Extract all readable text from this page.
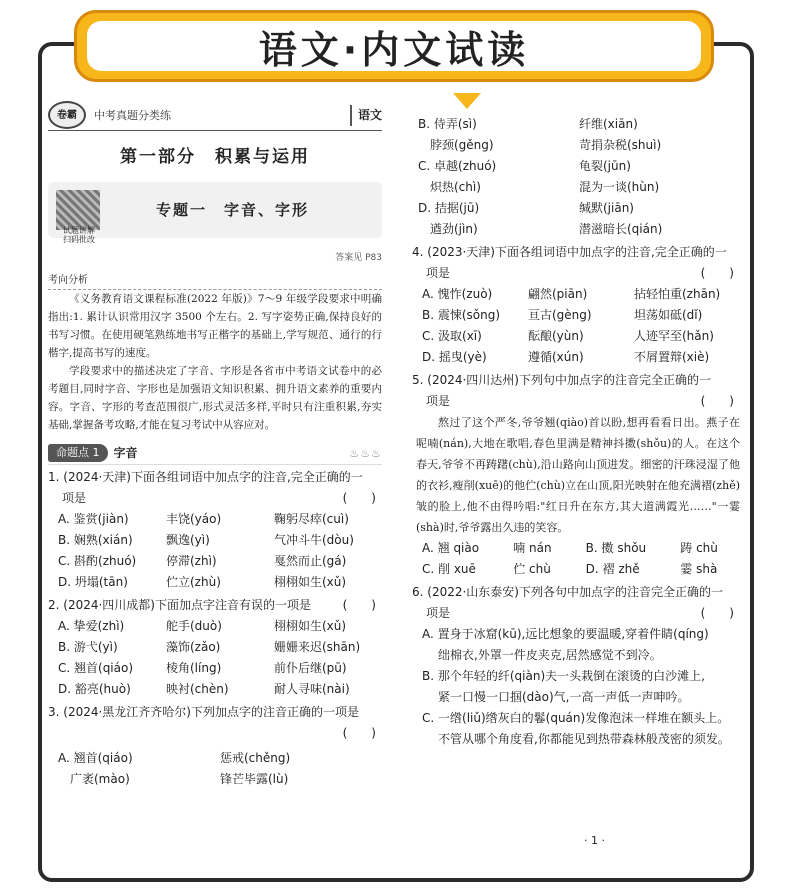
语文·内文试读
卷霸	中考真题分类练	语文
第一部分　积累与运用
试题讲解
扫码批改
专题一　字音、字形
答案见 P83
考向分析
《义务教育语文课程标准(2022 年版)》7～9 年级学段要求中明确指出:1. 累计认识常用汉字 3500 个左右。2. 写字姿势正确,保持良好的书写习惯。在使用硬笔熟练地书写正楷字的基础上,学写规范、通行的行楷字,提高书写的速度。
学段要求中的描述决定了字音、字形是各省市中考语文试卷中的必考题目,同时字音、字形也是加强语文知识积累、拥升语文素养的重要内容。字音、字形的考查范围很广,形式灵活多样,平时只有注重积累,夯实基础,掌握备考攻略,才能在复习考试中从容应对。
命题点 1	字音	♨♨♨
1. (2024·天津)下面各组词语中加点字的注音,完全正确的一
项是	(　　)
A. 鉴赏(jiàn)	丰饶(yáo)	鞠躬尽瘁(cuì)
B. 娴熟(xián)	飘逸(yì)	气冲斗牛(dòu)
C. 斟酌(zhuó)	停滞(zhì)	戛然而止(gá)
D. 坍塌(tān)	伫立(zhù)	栩栩如生(xǔ)
2. (2024·四川成都)下面加点字注音有误的一项是	(　　)
A. 挚爱(zhì)	舵手(duò)	栩栩如生(xǔ)
B. 游弋(yì)	藻饰(zǎo)	姗姗来迟(shān)
C. 翘首(qiáo)	棱角(líng)	前仆后继(pū)
D. 豁亮(huò)	映衬(chèn)	耐人寻味(nài)
3. (2024·黑龙江齐齐哈尔)下列加点字的注音正确的一项是
(　　)
A. 翘首(qiáo)	惩戒(chěng)
　广袤(mào)	锋芒毕露(lù)
B. 侍弄(sì)	纤维(xiān)
　脖颈(gěng)	苛捐杂税(shuì)
C. 卓越(zhuó)	龟裂(jūn)
　炽热(chì)	混为一谈(hùn)
D. 拮据(jū)	缄默(jiān)
　遒劲(jìn)	潜滋暗长(qián)
4. (2023·天津)下面各组词语中加点字的注音,完全正确的一
项是	(　　)
A. 愧怍(zuò)	翩然(piān)	拈轻怕重(zhān)
B. 震悚(sǒng)	亘古(gèng)	坦荡如砥(dǐ)
C. 汲取(xī)	酝酿(yùn)	人迹罕至(hǎn)
D. 摇曳(yè)	遵循(xún)	不屑置辩(xiè)
5. (2024·四川达州)下列句中加点字的注音完全正确的一
项是	(　　)
熬过了这个严冬,爷爷翘(qiào)首以盼,想再看看日出。燕子在呢喃(nán),大地在歌唱,春色里满是精神抖擞(shǒu)的人。在这个春天,爷爷不再踌躇(chù),沿山路向山顶进发。细密的汗珠浸湿了他的衣衫,瘦削(xuē)的他伫(chù)立在山顶,阳光映射在他充满褶(zhě)皱的脸上,他不由得吟唱:"红日升在东方,其大道满霞光……"一霎(shà)时,爷爷露出久违的笑容。
A. 翘 qiào	喃 nán	B. 擞 shǒu	踌 chù
C. 削 xuē	伫 chù	D. 褶 zhě	霎 shà
6. (2022·山东泰安)下列各句中加点字的注音完全正确的一
项是	(　　)
A. 置身于冰窟(kū),远比想象的要温暖,穿着件睛(qíng)
绌棉衣,外罩一件皮夹克,居然感觉不到冷。
B. 那个年轻的纤(qiàn)夫一头栽倒在滚烫的白沙滩上,
紧一口慢一口掴(dào)气,一高一声低一声呻吟。
C. 一绺(liǔ)绺灰白的鬈(quán)发像泡沫一样堆在额头上。
不管从哪个角度看,你都能见到热带森林般茂密的须发。
· 1 ·
